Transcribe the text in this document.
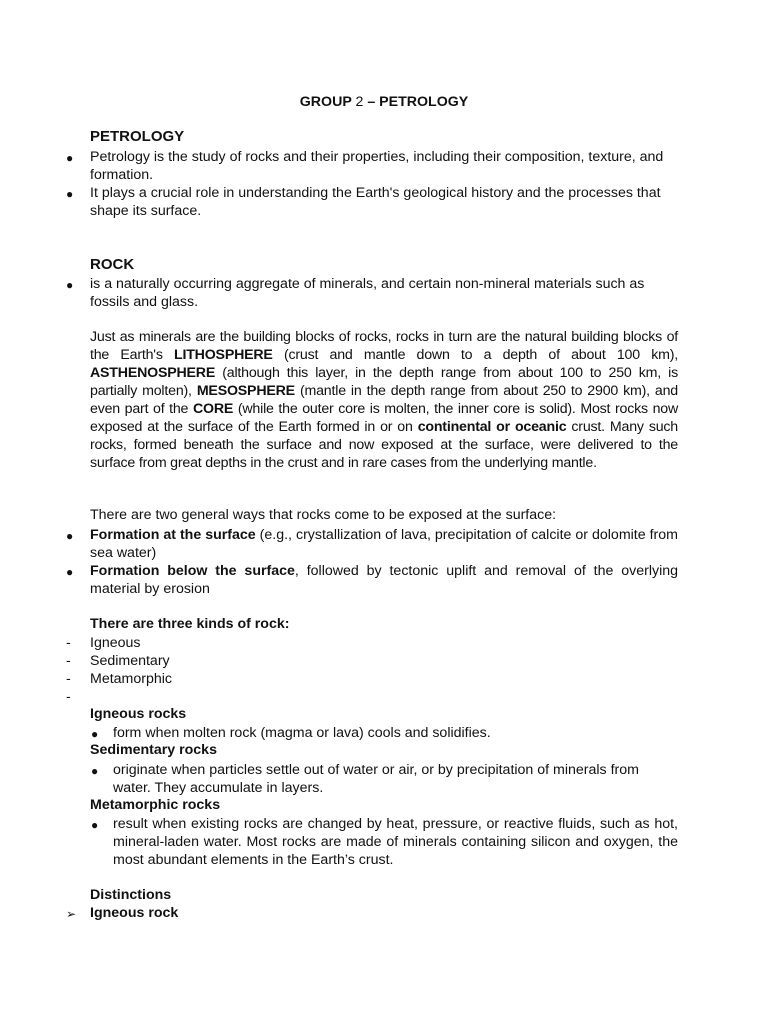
GROUP 2 – PETROLOGY
PETROLOGY
● Petrology is the study of rocks and their properties, including their composition, texture, and formation.
● It plays a crucial role in understanding the Earth's geological history and the processes that shape its surface.
ROCK
● is a naturally occurring aggregate of minerals, and certain non-mineral materials such as fossils and glass.
Just as minerals are the building blocks of rocks, rocks in turn are the natural building blocks of the Earth's LITHOSPHERE (crust and mantle down to a depth of about 100 km), ASTHENOSPHERE (although this layer, in the depth range from about 100 to 250 km, is partially molten), MESOSPHERE (mantle in the depth range from about 250 to 2900 km), and even part of the CORE (while the outer core is molten, the inner core is solid). Most rocks now exposed at the surface of the Earth formed in or on continental or oceanic crust. Many such rocks, formed beneath the surface and now exposed at the surface, were delivered to the surface from great depths in the crust and in rare cases from the underlying mantle.
There are two general ways that rocks come to be exposed at the surface:
● Formation at the surface (e.g., crystallization of lava, precipitation of calcite or dolomite from sea water)
● Formation below the surface, followed by tectonic uplift and removal of the overlying material by erosion
There are three kinds of rock:
- Igneous
- Sedimentary
- Metamorphic
-
Igneous rocks
● form when molten rock (magma or lava) cools and solidifies.
Sedimentary rocks
● originate when particles settle out of water or air, or by precipitation of minerals from water. They accumulate in layers.
Metamorphic rocks
● result when existing rocks are changed by heat, pressure, or reactive fluids, such as hot, mineral-laden water. Most rocks are made of minerals containing silicon and oxygen, the most abundant elements in the Earth’s crust.
Distinctions
➢ Igneous rock
